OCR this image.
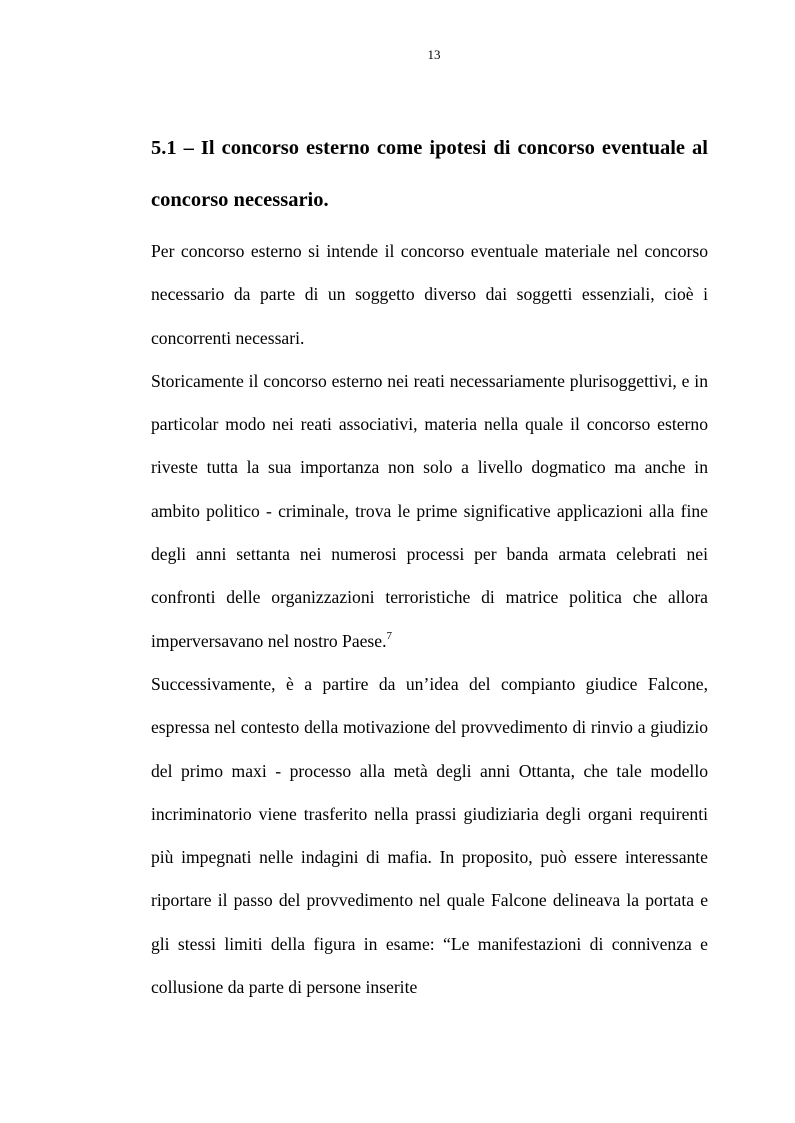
13
5.1 – Il concorso esterno come ipotesi di concorso eventuale al concorso necessario.

Per concorso esterno si intende il concorso eventuale materiale nel concorso necessario da parte di un soggetto diverso dai soggetti essenziali, cioè i concorrenti necessari.

Storicamente il concorso esterno nei reati necessariamente plurisoggettivi, e in particolar modo nei reati associativi, materia nella quale il concorso esterno riveste tutta la sua importanza non solo a livello dogmatico ma anche in ambito politico - criminale, trova le prime significative applicazioni alla fine degli anni settanta nei numerosi processi per banda armata celebrati nei confronti delle organizzazioni terroristiche di matrice politica che allora imperversavano nel nostro Paese.$^7$

Successivamente, è a partire da un’idea del compianto giudice Falcone, espressa nel contesto della motivazione del provvedimento di rinvio a giudizio del primo maxi - processo alla metà degli anni Ottanta, che tale modello incriminatorio viene trasferito nella prassi giudiziaria degli organi requirenti più impegnati nelle indagini di mafia. In proposito, può essere interessante riportare il passo del provvedimento nel quale Falcone delineava la portata e gli stessi limiti della figura in esame: “Le manifestazioni di connivenza e collusione da parte di persone inserite
